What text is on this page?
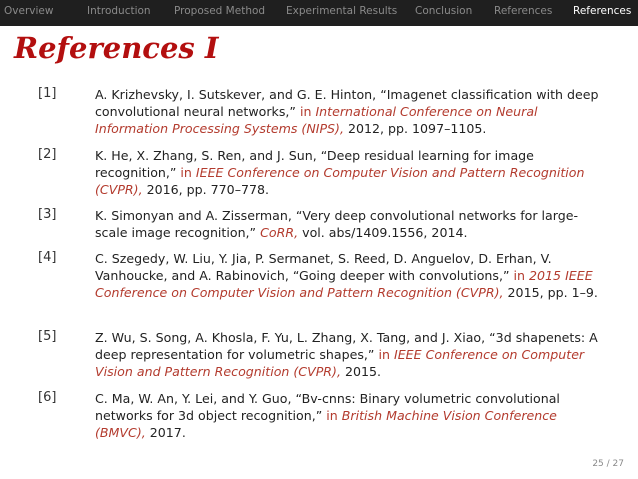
Overview	Introduction Proposed Method Experimental Results Conclusion References References
References I
[1]	A. Krizhevsky, I. Sutskever, and G. E. Hinton, “Imagenet classification with deep convolutional neural networks,” in International Conference on Neural Information Processing Systems (NIPS), 2012, pp. 1097–1105.
[2]	K. He, X. Zhang, S. Ren, and J. Sun, “Deep residual learning for image recognition,” in IEEE Conference on Computer Vision and Pattern Recognition (CVPR), 2016, pp. 770–778.
[3]	K. Simonyan and A. Zisserman, “Very deep convolutional networks for large-scale image recognition,” CoRR, vol. abs/1409.1556, 2014.
[4]	C. Szegedy, W. Liu, Y. Jia, P. Sermanet, S. Reed, D. Anguelov, D. Erhan, V. Vanhoucke, and A. Rabinovich, “Going deeper with convolutions,” in 2015 IEEE Conference on Computer Vision and Pattern Recognition (CVPR), 2015, pp. 1–9.
[5]	Z. Wu, S. Song, A. Khosla, F. Yu, L. Zhang, X. Tang, and J. Xiao, “3d shapenets: A deep representation for volumetric shapes,” in IEEE Conference on Computer Vision and Pattern Recognition (CVPR), 2015.
[6]	C. Ma, W. An, Y. Lei, and Y. Guo, “Bv-cnns: Binary volumetric convolutional networks for 3d object recognition,” in British Machine Vision Conference (BMVC), 2017.
25 / 27
